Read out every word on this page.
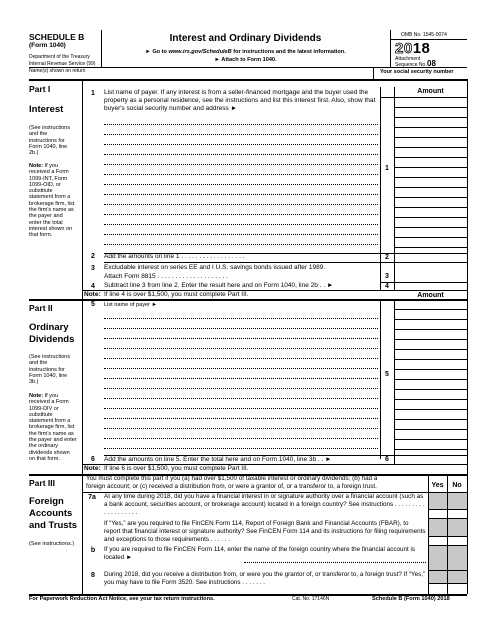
SCHEDULE B
(Form 1040)
Department of the Treasury
Internal Revenue Service (99)
Interest and Ordinary Dividends
► Go to www.irs.gov/ScheduleB for instructions and the latest information.
► Attach to Form 1040.
OMB No. 1545-0074
2018
Attachment
Sequence No. 08
Name(s) shown on return	Your social security number
Part I
Interest
(See instructions and the instructions for Form 1040, line 2b.)
Note: If you received a Form 1099-INT, Form 1099-OID, or substitute statement from a brokerage firm, list the firm's name as the payer and enter the total interest shown on that form.
1	List name of payer. If any interest is from a seller-financed mortgage and the buyer used the property as a personal residence, see the instructions and list this interest first. Also, show that buyer's social security number and address ►
Amount
1
2	Add the amounts on line 1 . . . . . . . . . . . . . . . . . .	2
3	Excludable interest on series EE and I U.S. savings bonds issued after 1989.
Attach Form 8815 . . . . . . . . . . . . . . . . . . . .	3
4	Subtract line 3 from line 2. Enter the result here and on Form 1040, line 2b . . ►	4
Note: If line 4 is over $1,500, you must complete Part III.
Part II
Ordinary
Dividends
(See instructions and the instructions for Form 1040, line 3b.)
Note: If you received a Form 1099-DIV or substitute statement from a brokerage firm, list the firm's name as the payer and enter the ordinary dividends shown on that form.
Amount
5	List name of payer ►
5
6	Add the amounts on line 5. Enter the total here and on Form 1040, line 3b . . ►	6
Note: If line 6 is over $1,500, you must complete Part III.
Part III
Foreign
Accounts
and Trusts
(See instructions.)
You must complete this part if you (a) had over $1,500 of taxable interest or ordinary dividends; (b) had a
foreign account; or (c) received a distribution from, or were a grantor of, or a transferor to, a foreign trust.	Yes	No
7a	At any time during 2018, did you have a financial interest in or signature authority over a financial account (such as a bank account, securities account, or brokerage account) located in a foreign country? See instructions . . . . . . . . . . . . . . . . . . .
If “Yes,” are you required to file FinCEN Form 114, Report of Foreign Bank and Financial Accounts (FBAR), to report that financial interest or signature authority? See FinCEN Form 114 and its instructions for filing requirements and exceptions to those requirements . . . . . .
b	If you are required to file FinCEN Form 114, enter the name of the foreign country where the financial account is located ►
8	During 2018, did you receive a distribution from, or were you the grantor of, or transferor to, a foreign trust? If “Yes,” you may have to file Form 3520. See instructions . . . . . . .
For Paperwork Reduction Act Notice, see your tax return instructions.	Cat. No. 17146N	Schedule B (Form 1040) 2018
